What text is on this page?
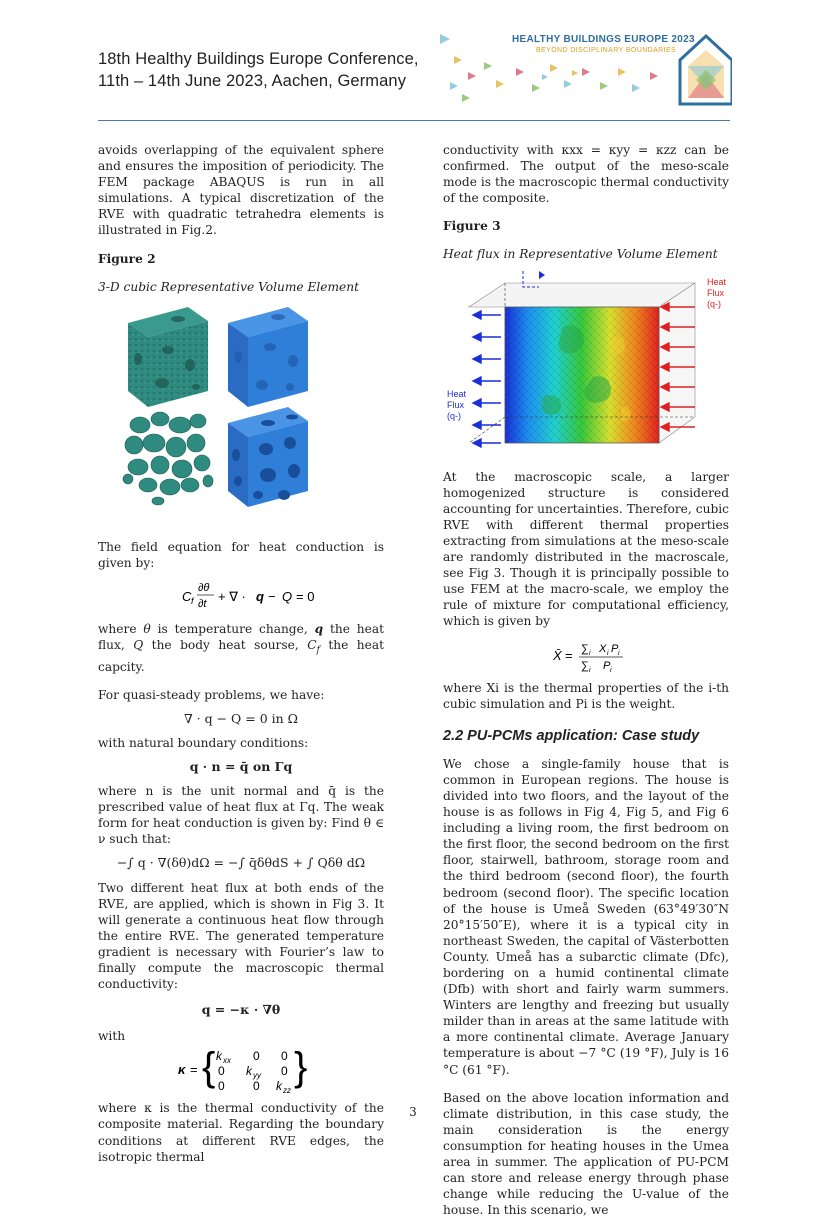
18th Healthy Buildings Europe Conference,
11th – 14th June 2023, Aachen, Germany
HEALTHY BUILDINGS EUROPE 2023
BEYOND DISCIPLINARY BOUNDARIES

avoids overlapping of the equivalent sphere and ensures the imposition of periodicity. The FEM package ABAQUS is run in all simulations. A typical discretization of the RVE with quadratic tetrahedra elements is illustrated in Fig.2.

Figure 2

3-D cubic Representative Volume Element

The field equation for heat conduction is given by:

C f
∂θ
∂t + ∇ · q − Q = 0

where θ is temperature change, q the heat flux, Q the body heat sourse, $C_f$ the heat capcity.

For quasi-steady problems, we have:

∇ · q − Q = 0 in Ω

with natural boundary conditions:

q · n = q̄ on Γq

where n is the unit normal and q̄ is the prescribed value of heat flux at Γq. The weak form for heat conduction is given by: Find θ ∈ ν such that:

−∫ q · ∇(δθ)dΩ = −∫ q̄δθdS + ∫ Qδθ dΩ

Two different heat flux at both ends of the RVE, are applied, which is shown in Fig 3. It will generate a continuous heat flow through the entire RVE. The generated temperature gradient is necessary with Fourier’s law to finally compute the macroscopic thermal conductivity:

q = −κ · ∇θ

with

κ = { k xx 0 0
0 k yy 0
0 0 k zz
}

where κ is the thermal conductivity of the composite material. Regarding the boundary conditions at different RVE edges, the isotropic thermal

conductivity with κxx = κyy = κzz can be confirmed. The output of the meso-scale mode is the macroscopic thermal conductivity of the composite.

Figure 3

Heat flux in Representative Volume Element

Heat
Flux
(q-)
Heat
Flux
(q-)

At the macroscopic scale, a larger homogenized structure is considered accounting for uncertainties. Therefore, cubic RVE with different thermal properties extracting from simulations at the meso-scale are randomly distributed in the macroscale, see Fig 3. Though it is principally possible to use FEM at the macro-scale, we employ the rule of mixture for computational efficiency, which is given by

X̄ = ∑ i X i P i
∑ i P i

where Xi is the thermal properties of the i-th cubic simulation and Pi is the weight.

2.2 PU-PCMs application: Case study

We chose a single-family house that is common in European regions. The house is divided into two floors, and the layout of the house is as follows in Fig 4, Fig 5, and Fig 6 including a living room, the first bedroom on the first floor, the second bedroom on the first floor, stairwell, bathroom, storage room and the third bedroom (second floor), the fourth bedroom (second floor). The specific location of the house is Umeå Sweden (63°49′30″N 20°15′50″E), where it is a typical city in northeast Sweden, the capital of Västerbotten County. Umeå has a subarctic climate (Dfc), bordering on a humid continental climate (Dfb) with short and fairly warm summers. Winters are lengthy and freezing but usually milder than in areas at the same latitude with a more continental climate. Average January temperature is about −7 °C (19 °F), July is 16 °C (61 °F).

Based on the above location information and climate distribution, in this case study, the main consideration is the energy consumption for heating houses in the Umea area in summer. The application of PU-PCM can store and release energy through phase change while reducing the U-value of the house. In this scenario, we

3
